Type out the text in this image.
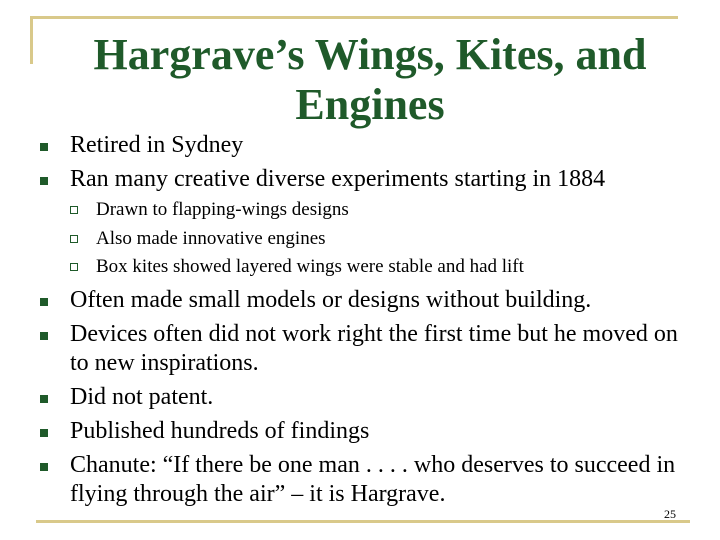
Hargrave’s Wings, Kites, and Engines
Retired in Sydney
Ran many creative diverse experiments starting in 1884
Drawn to flapping-wings designs
Also made innovative engines
Box kites showed layered wings were stable and had lift
Often made small models or designs without building.
Devices often did not work right the first time but he moved on to new inspirations.
Did not patent.
Published hundreds of findings
Chanute: “If there be one man . . . . who deserves to succeed in flying through the air” – it is Hargrave.
25
